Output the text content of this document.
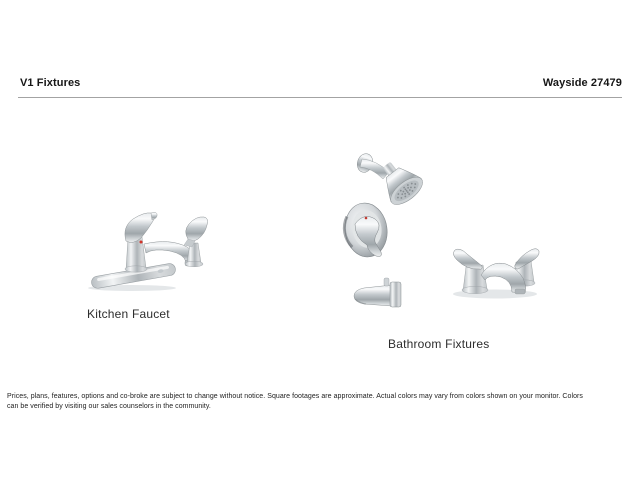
V1 Fixtures	Wayside 27479
Kitchen Faucet
Bathroom Fixtures
Prices, plans, features, options and co-broke are subject to change without notice. Square footages are approximate. Actual colors may vary from colors shown on your monitor. Colors
can be verified by visiting our sales counselors in the community.
